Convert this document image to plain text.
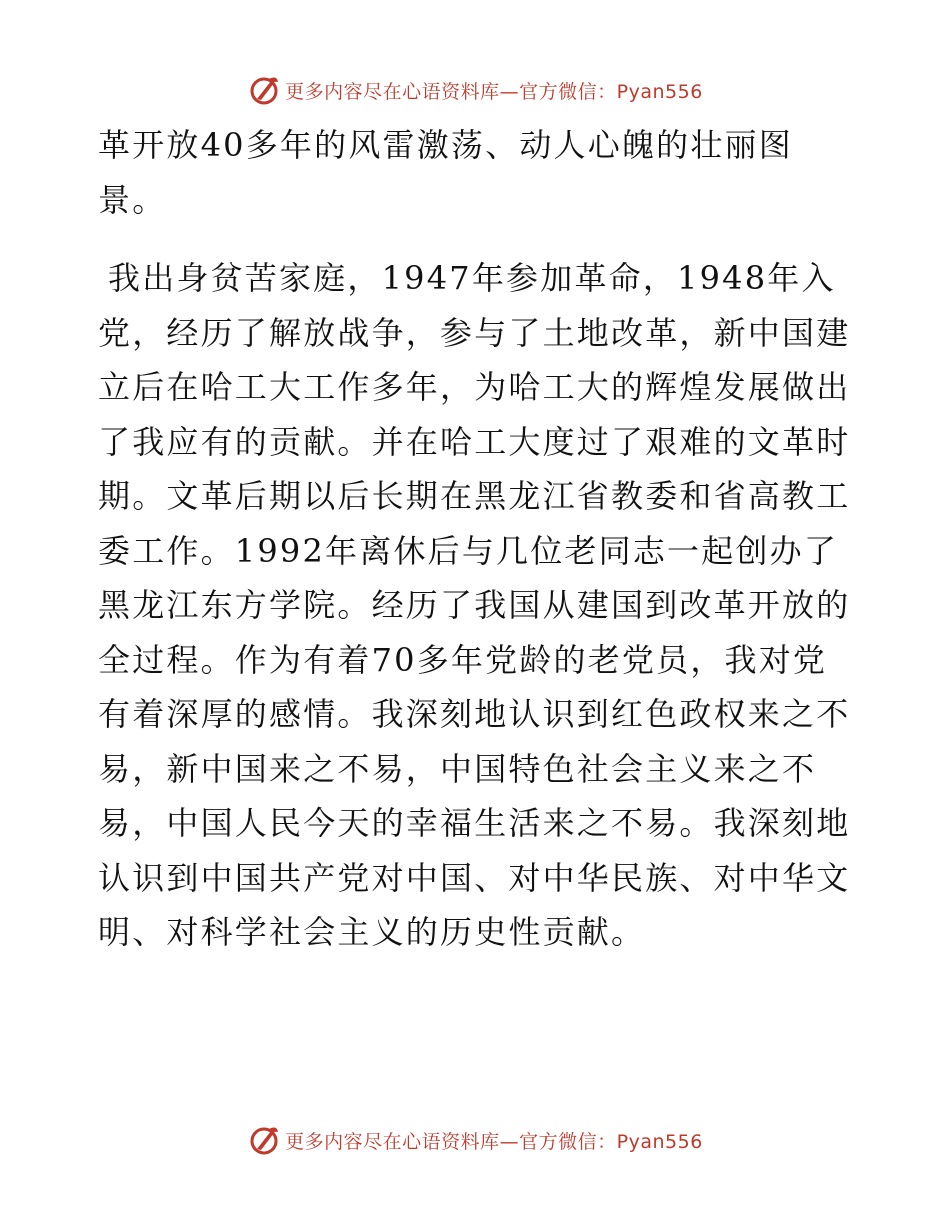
更多内容尽在心语资料库—官方微信：Pyan556

革开放40多年的风雷激荡、动人心魄的壮丽图景。

我出身贫苦家庭，1947年参加革命，1948年入党，经历了解放战争，参与了土地改革，新中国建立后在哈工大工作多年，为哈工大的辉煌发展做出了我应有的贡献。并在哈工大度过了艰难的文革时期。文革后期以后长期在黑龙江省教委和省高教工委工作。1992年离休后与几位老同志一起创办了黑龙江东方学院。经历了我国从建国到改革开放的全过程。作为有着70多年党龄的老党员，我对党有着深厚的感情。我深刻地认识到红色政权来之不易，新中国来之不易，中国特色社会主义来之不易，中国人民今天的幸福生活来之不易。我深刻地认识到中国共产党对中国、对中华民族、对中华文明、对科学社会主义的历史性贡献。

更多内容尽在心语资料库—官方微信：Pyan556
